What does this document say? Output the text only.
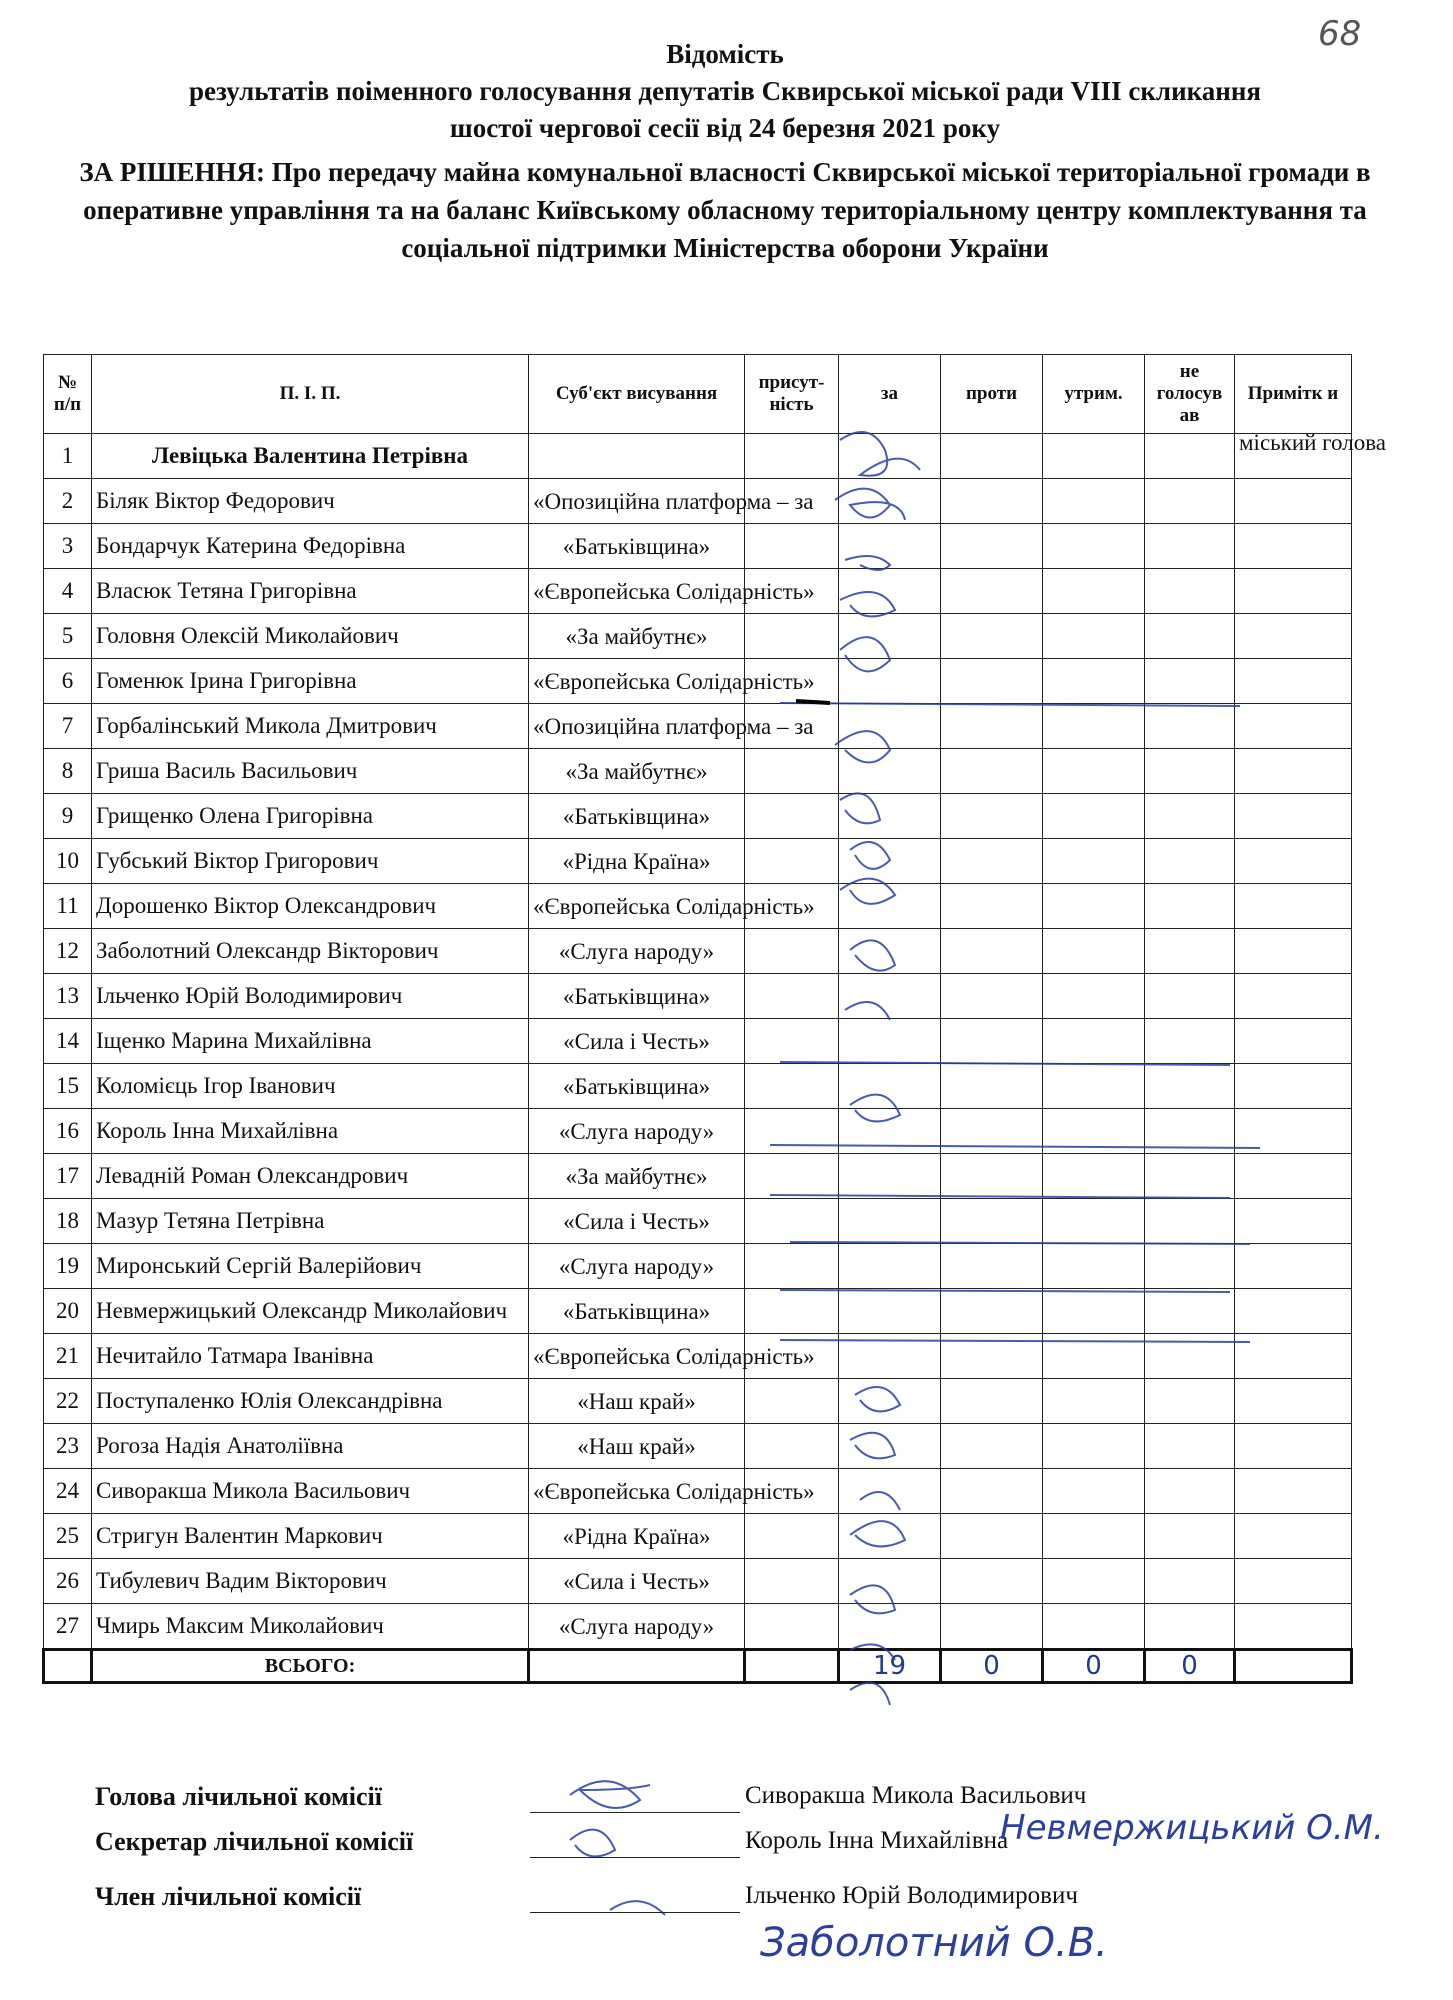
68
Відомість
результатів поіменного голосування депутатів Сквирської міської ради VIII скликання
шостої чергової сесії від 24 березня 2021 року
ЗА РІШЕННЯ: Про передачу майна комунальної власності Сквирської міської територіальної громади в оперативне управління та на баланс Київському обласному територіальному центру комплектування та соціальної підтримки Міністерства оборони України
№ п/п	П. І. П.	Суб'єкт висування	присут-ність	за	проти	утрим.	не голосув ав	Примітк и
1	Левіцька Валентина Петрівна							міський голова
2	Біляк Віктор Федорович	«Опозиційна платформа – за						
3	Бондарчук Катерина Федорівна	«Батьківщина»						
4	Власюк Тетяна Григорівна	«Європейська Солідарність»						
5	Головня Олексій Миколайович	«За майбутнє»						
6	Гоменюк Ірина Григорівна	«Європейська Солідарність»						
7	Горбалінський Микола Дмитрович	«Опозиційна платформа – за						
8	Гриша Василь Васильович	«За майбутнє»						
9	Грищенко Олена Григорівна	«Батьківщина»						
10	Губський Віктор Григорович	«Рідна Країна»						
11	Дорошенко Віктор Олександрович	«Європейська Солідарність»						
12	Заболотний Олександр Вікторович	«Слуга народу»						
13	Ільченко Юрій Володимирович	«Батьківщина»						
14	Іщенко Марина Михайлівна	«Сила і Честь»						
15	Коломієць Ігор Іванович	«Батьківщина»						
16	Король Інна Михайлівна	«Слуга народу»						
17	Левадній Роман Олександрович	«За майбутнє»						
18	Мазур Тетяна Петрівна	«Сила і Честь»						
19	Миронський Сергій Валерійович	«Слуга народу»						
20	Невмержицький Олександр Миколайович	«Батьківщина»						
21	Нечитайло Татмара Іванівна	«Європейська Солідарність»						
22	Поступаленко Юлія Олександрівна	«Наш край»						
23	Рогоза Надія Анатоліївна	«Наш край»						
24	Сиворакша Микола Васильович	«Європейська Солідарність»						
25	Стригун Валентин Маркович	«Рідна Країна»						
26	Тибулевич Вадим Вікторович	«Сила і Честь»						
27	Чмирь Максим Миколайович	«Слуга народу»						
	ВСЬОГО:			19	0	0	0	
Голова лічильної комісії	Сиворакша Микола Васильович
Секретар лічильної комісії	Король Інна Михайлівна
Член лічильної комісії	Ільченко Юрій Володимирович
Невмержицький О.М.
Заболотний О.В.
